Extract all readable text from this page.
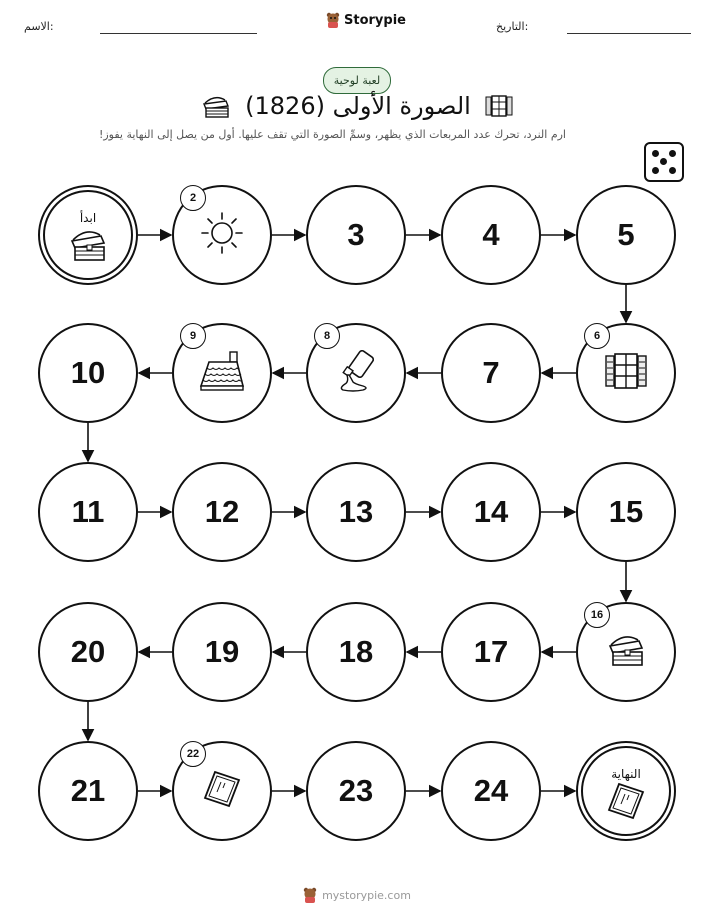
الاسم:	Storypie	التاريخ:
لعبة لوحية
الصورة الأولى (1826)
ارم النرد، تحرك عدد المربعات الذي يظهر، وسمِّ الصورة التي تقف عليها. أول من يصل إلى النهاية يفوز!
ابدأ
2
3	4	5
6
7
8
9
10
11	12	13	14	15
16
17
18
19
20
21
22
23	24	النهاية
mystorypie.com
